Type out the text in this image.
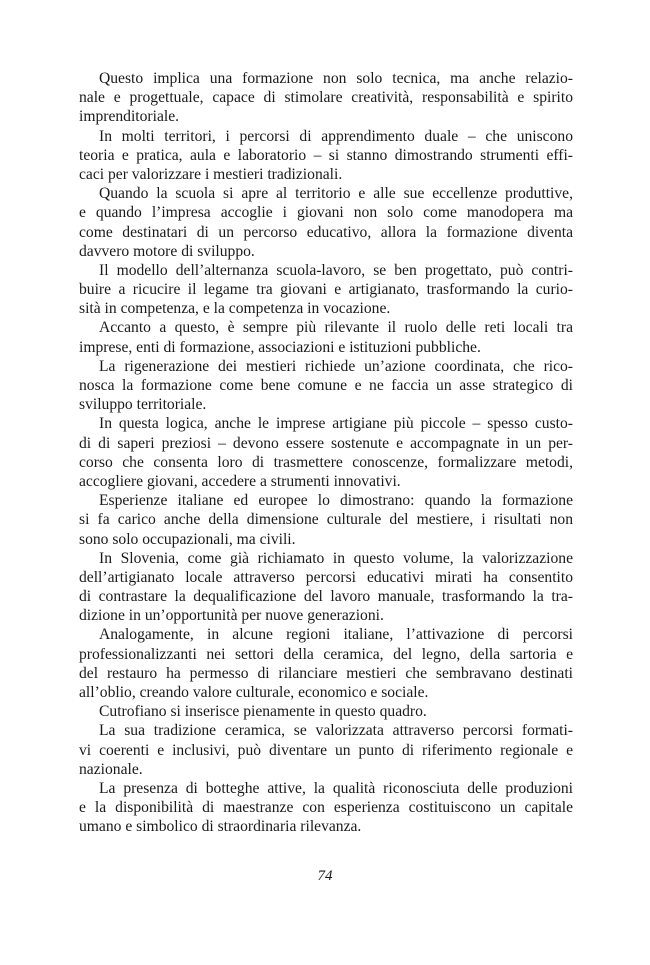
Questo implica una formazione non solo tecnica, ma anche relazio-
nale e progettuale, capace di stimolare creatività, responsabilità e spirito
imprenditoriale.
In molti territori, i percorsi di apprendimento duale – che uniscono
teoria e pratica, aula e laboratorio – si stanno dimostrando strumenti effi-
caci per valorizzare i mestieri tradizionali.
Quando la scuola si apre al territorio e alle sue eccellenze produttive,
e quando l’impresa accoglie i giovani non solo come manodopera ma
come destinatari di un percorso educativo, allora la formazione diventa
davvero motore di sviluppo.
Il modello dell’alternanza scuola-lavoro, se ben progettato, può contri-
buire a ricucire il legame tra giovani e artigianato, trasformando la curio-
sità in competenza, e la competenza in vocazione.
Accanto a questo, è sempre più rilevante il ruolo delle reti locali tra
imprese, enti di formazione, associazioni e istituzioni pubbliche.
La rigenerazione dei mestieri richiede un’azione coordinata, che rico-
nosca la formazione come bene comune e ne faccia un asse strategico di
sviluppo territoriale.
In questa logica, anche le imprese artigiane più piccole – spesso custo-
di di saperi preziosi – devono essere sostenute e accompagnate in un per-
corso che consenta loro di trasmettere conoscenze, formalizzare metodi,
accogliere giovani, accedere a strumenti innovativi.
Esperienze italiane ed europee lo dimostrano: quando la formazione
si fa carico anche della dimensione culturale del mestiere, i risultati non
sono solo occupazionali, ma civili.
In Slovenia, come già richiamato in questo volume, la valorizzazione
dell’artigianato locale attraverso percorsi educativi mirati ha consentito
di contrastare la dequalificazione del lavoro manuale, trasformando la tra-
dizione in un’opportunità per nuove generazioni.
Analogamente, in alcune regioni italiane, l’attivazione di percorsi
professionalizzanti nei settori della ceramica, del legno, della sartoria e
del restauro ha permesso di rilanciare mestieri che sembravano destinati
all’oblio, creando valore culturale, economico e sociale.
Cutrofiano si inserisce pienamente in questo quadro.
La sua tradizione ceramica, se valorizzata attraverso percorsi formati-
vi coerenti e inclusivi, può diventare un punto di riferimento regionale e
nazionale.
La presenza di botteghe attive, la qualità riconosciuta delle produzioni
e la disponibilità di maestranze con esperienza costituiscono un capitale
umano e simbolico di straordinaria rilevanza.
74
